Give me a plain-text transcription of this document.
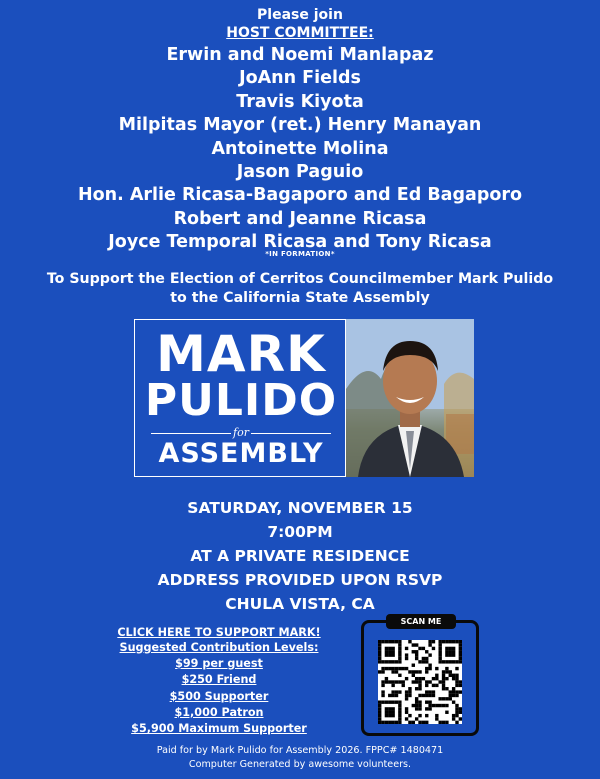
Please join
HOST COMMITTEE:
Erwin and Noemi Manlapaz
JoAnn Fields
Travis Kiyota
Milpitas Mayor (ret.) Henry Manayan
Antoinette Molina
Jason Paguio
Hon. Arlie Ricasa-Bagaporo and Ed Bagaporo
Robert and Jeanne Ricasa
Joyce Temporal Ricasa and Tony Ricasa
*IN FORMATION*
To Support the Election of Cerritos Councilmember Mark Pulido
to the California State Assembly
MARK
PULIDO
for
ASSEMBLY
SATURDAY, NOVEMBER 15
7:00PM
AT A PRIVATE RESIDENCE
ADDRESS PROVIDED UPON RSVP
CHULA VISTA, CA
CLICK HERE TO SUPPORT MARK!
Suggested Contribution Levels:
$99 per guest
$250 Friend
$500 Supporter
$1,000 Patron
$5,900 Maximum Supporter
SCAN ME
Paid for by Mark Pulido for Assembly 2026. FPPC# 1480471
Computer Generated by awesome volunteers.
